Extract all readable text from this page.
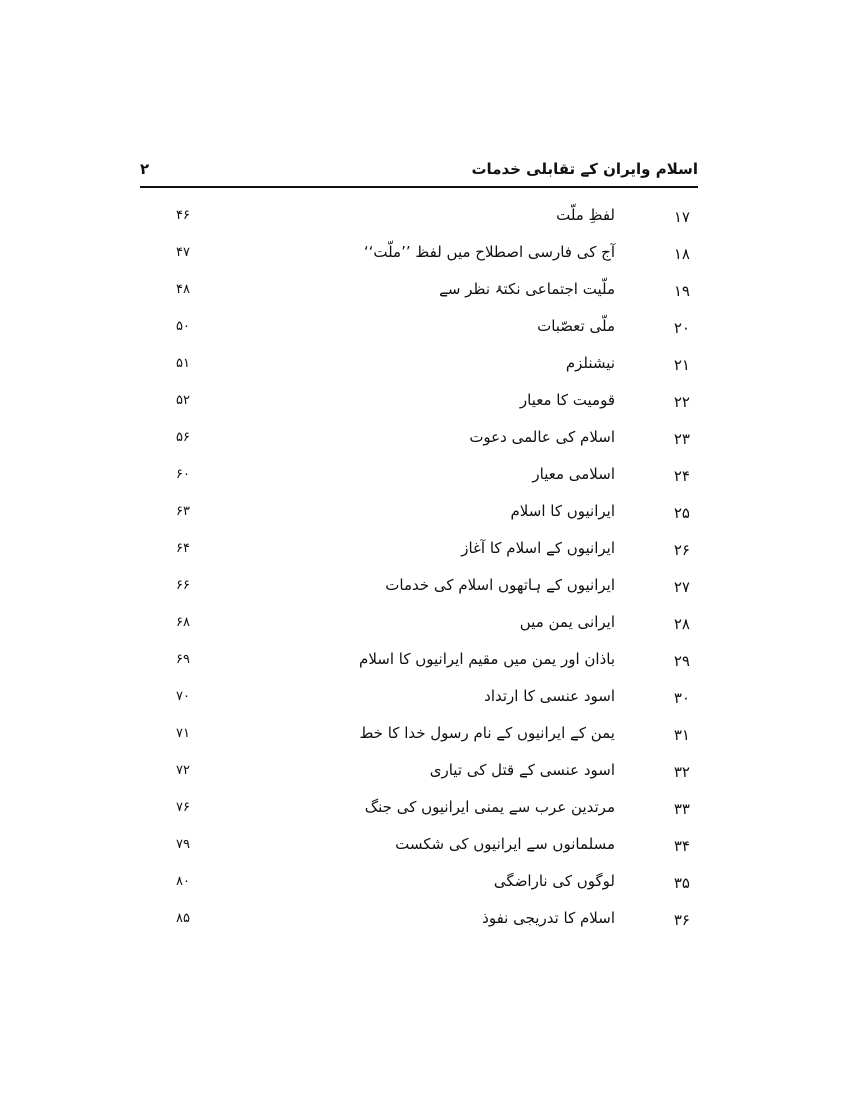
اسلام وایران کے تقابلی خدمات
۲
۱۷
لفظِ ملّت
۴۶
۱۸
آج کی فارسی اصطلاح میں لفظ ’’ملّت‘‘
۴۷
۱۹
ملّیت اجتماعی نکتۂ نظر سے
۴۸
۲۰
ملّی تعصّبات
۵۰
۲۱
نیشنلزم
۵۱
۲۲
قومیت کا معیار
۵۲
۲۳
اسلام کی عالمی دعوت
۵۶
۲۴
اسلامی معیار
۶۰
۲۵
ایرانیوں کا اسلام
۶۳
۲۶
ایرانیوں کے اسلام کا آغاز
۶۴
۲۷
ایرانیوں کے ہاتھوں اسلام کی خدمات
۶۶
۲۸
ایرانی یمن میں
۶۸
۲۹
باذان اور یمن میں مقیم ایرانیوں کا اسلام
۶۹
۳۰
اسود عنسی کا ارتداد
۷۰
۳۱
یمن کے ایرانیوں کے نام رسول خدا کا خط
۷۱
۳۲
اسود عنسی کے قتل کی تیاری
۷۲
۳۳
مرتدین عرب سے یمنی ایرانیوں کی جنگ
۷۶
۳۴
مسلمانوں سے ایرانیوں کی شکست
۷۹
۳۵
لوگوں کی ناراضگی
۸۰
۳۶
اسلام کا تدریجی نفوذ
۸۵
